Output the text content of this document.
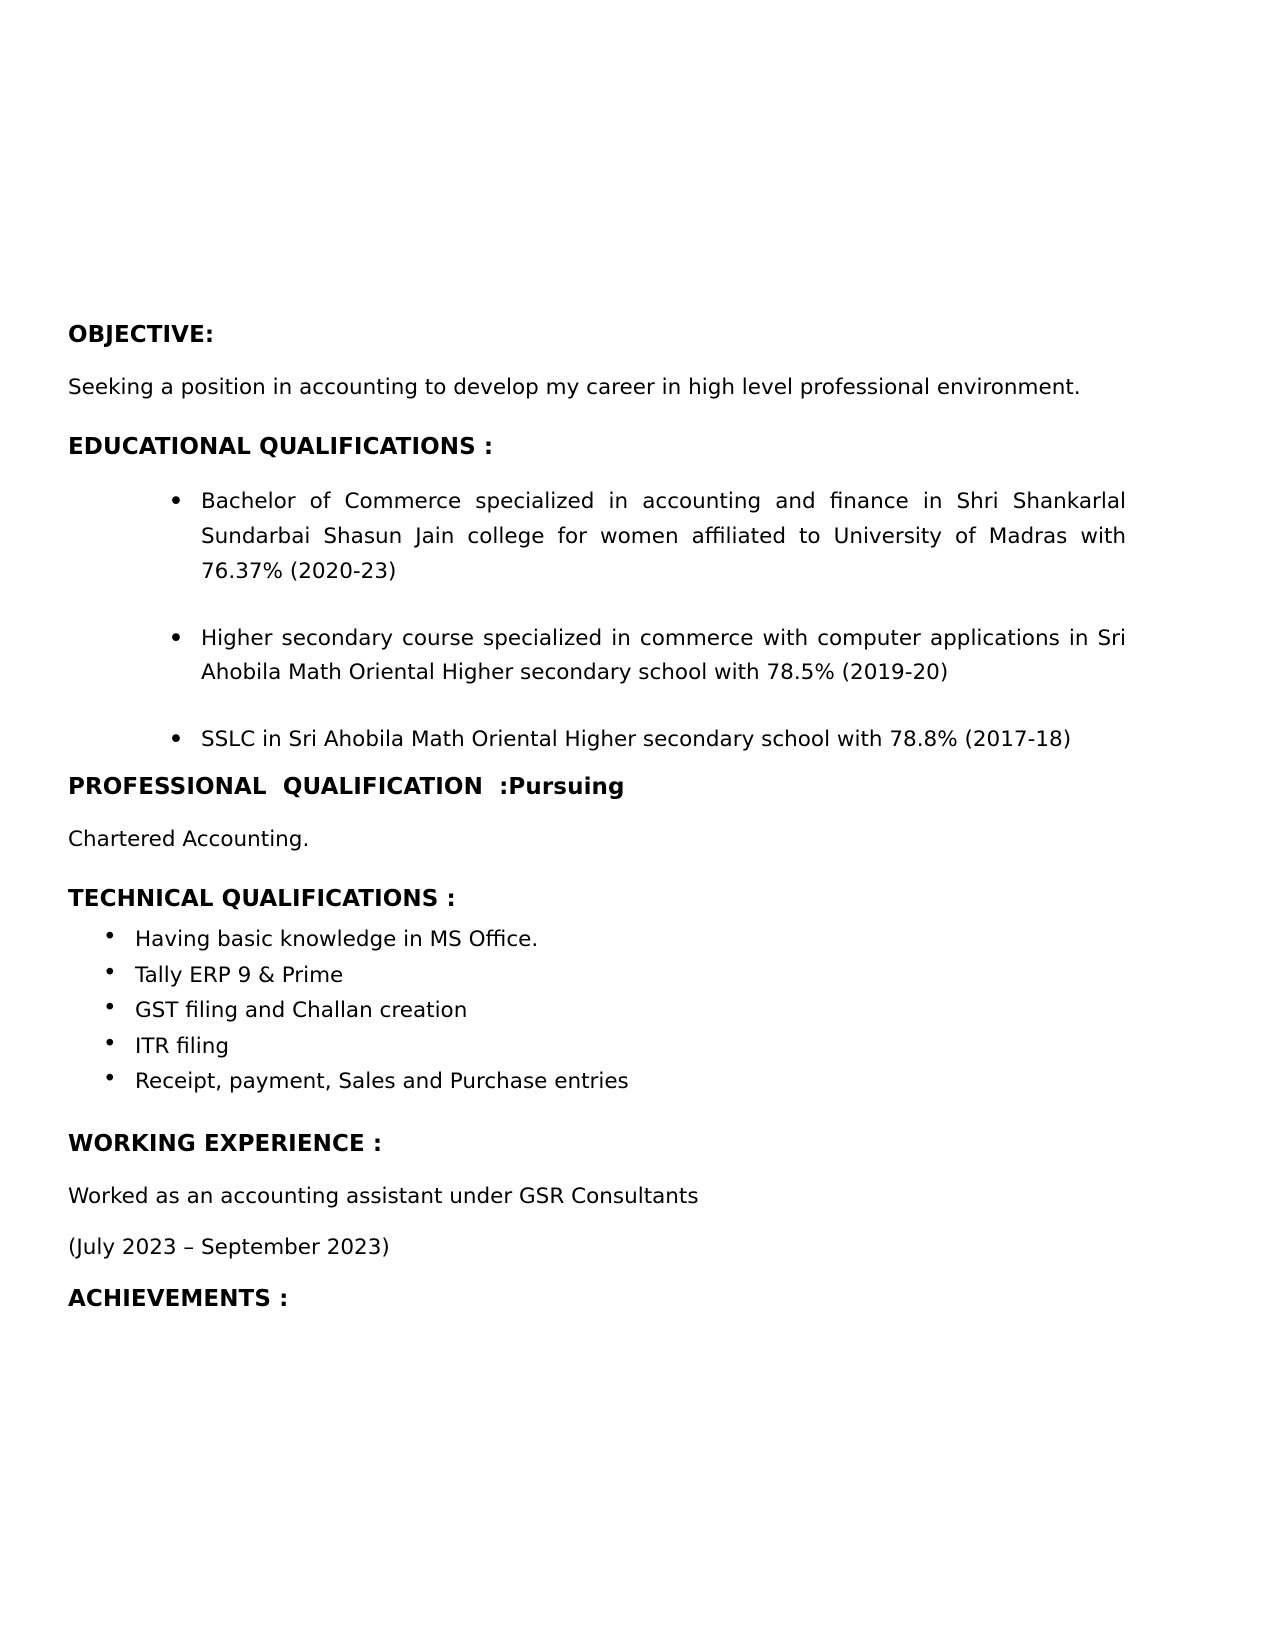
OBJECTIVE:

Seeking a position in accounting to develop my career in high level professional environment.

EDUCATIONAL QUALIFICATIONS :
• Bachelor of Commerce specialized in accounting and finance in Shri Shankarlal Sundarbai Shasun Jain college for women affiliated to University of Madras with 76.37% (2020-23)
• Higher secondary course specialized in commerce with computer applications in Sri Ahobila Math Oriental Higher secondary school with 78.5% (2019-20)
• SSLC in Sri Ahobila Math Oriental Higher secondary school with 78.8% (2017-18)
PROFESSIONAL  QUALIFICATION  :Pursuing

Chartered Accounting.

TECHNICAL QUALIFICATIONS :
• Having basic knowledge in MS Office.
• Tally ERP 9 & Prime
• GST filing and Challan creation
• ITR filing
• Receipt, payment, Sales and Purchase entries
WORKING EXPERIENCE :

Worked as an accounting assistant under GSR Consultants

(July 2023 – September 2023)

ACHIEVEMENTS :
